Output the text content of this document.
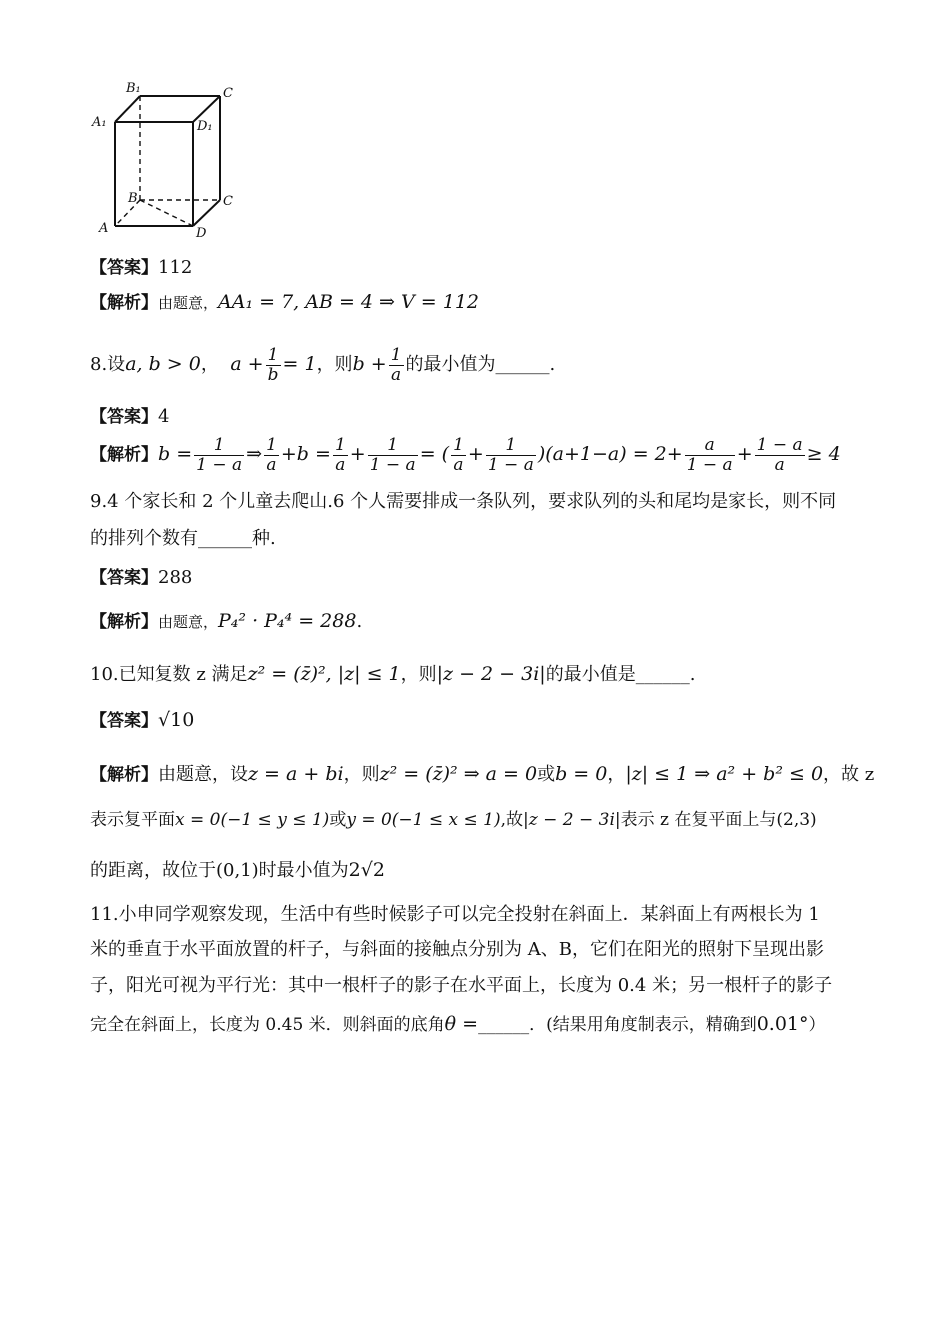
B₁	C
A₁	D₁
B	C
A	D
【答案】112
【解析】由题意，AA₁ = 7, AB = 4 ⇒ V = 112
8.设a, b > 0， $a + \frac{1}{b} = 1$，则$b + \frac{1}{a}$ 的最小值为______.
【答案】4
【解析】$b = \frac{1}{1 - a}$ ⇒ $\frac{1}{a} +b = \frac{1}{a} + \frac{1}{1 - a}$ = ( $\frac{1}{a} + \frac{1}{1 - a} )(a+1-a) = 2+ \frac{a}{1 - a} + \frac{1 - a}{a} \ge 4$
9.4 个家长和 2 个儿童去爬山.6 个人需要排成一条队列，要求队列的头和尾均是家长，则不同
的排列个数有______种.
【答案】288
【解析】由题意，P₄² · P₄⁴ = 288.
10.已知复数 z 满足z² = (z̄)², |z| ≤ 1，则|z − 2 − 3i|的最小值是______.
【答案】√10
【解析】由题意，设z = a + bi，则z² = (z̄)² ⇒ a = 0或b = 0，|z| ≤ 1 ⇒ a² + b² ≤ 0，故 z
表示复平面x = 0(−1 ≤ y ≤ 1)或y = 0(−1 ≤ x ≤ 1),故|z − 2 − 3i|表示 z 在复平面上与(2,3)
的距离，故位于(0,1)时最小值为2√2
11.小申同学观察发现，生活中有些时候影子可以完全投射在斜面上．某斜面上有两根长为 1
米的垂直于水平面放置的杆子，与斜面的接触点分别为 A、B，它们在阳光的照射下呈现出影
子，阳光可视为平行光：其中一根杆子的影子在水平面上，长度为 0.4 米；另一根杆子的影子
完全在斜面上，长度为 0.45 米．则斜面的底角θ =______．(结果用角度制表示，精确到0.01°）
